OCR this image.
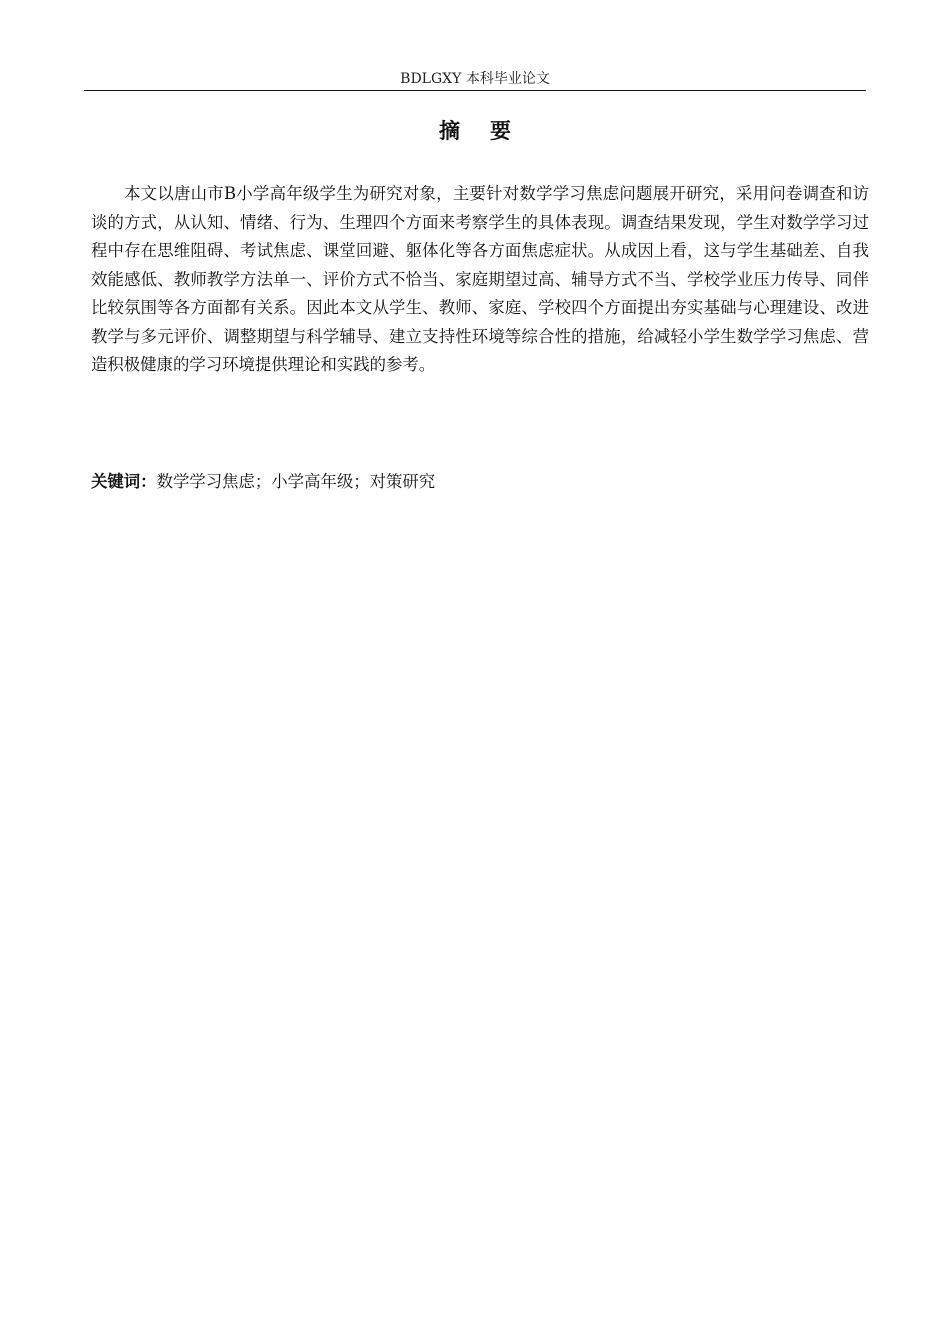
BDLGXY 本科毕业论文
摘要

本文以唐山市B小学高年级学生为研究对象，主要针对数学学习焦虑问题展开研究，采用问卷调查和访谈的方式，从认知、情绪、行为、生理四个方面来考察学生的具体表现。调查结果发现，学生对数学学习过程中存在思维阻碍、考试焦虑、课堂回避、躯体化等各方面焦虑症状。从成因上看，这与学生基础差、自我效能感低、教师教学方法单一、评价方式不恰当、家庭期望过高、辅导方式不当、学校学业压力传导、同伴比较氛围等各方面都有关系。因此本文从学生、教师、家庭、学校四个方面提出夯实基础与心理建设、改进教学与多元评价、调整期望与科学辅导、建立支持性环境等综合性的措施，给减轻小学生数学学习焦虑、营造积极健康的学习环境提供理论和实践的参考。

关键词：数学学习焦虑；小学高年级；对策研究
